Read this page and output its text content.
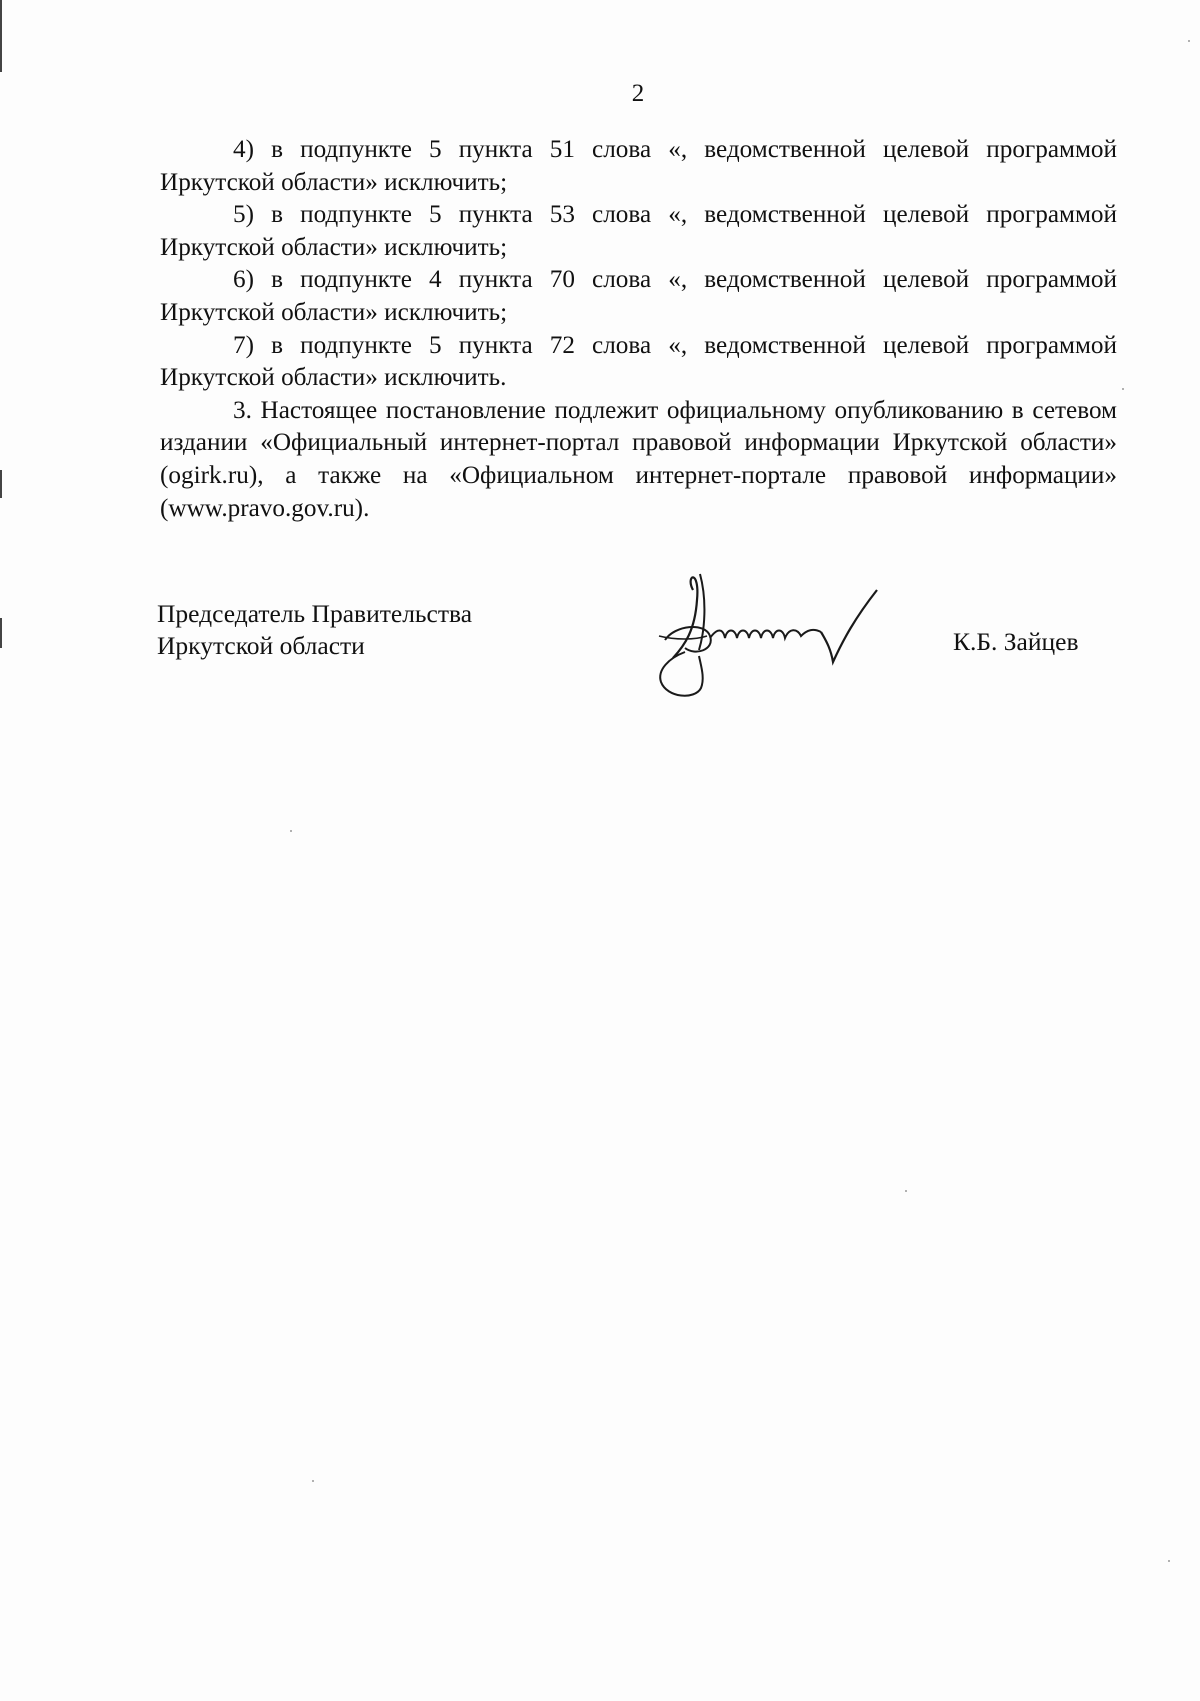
2

4) в подпункте 5 пункта 51 слова «, ведомственной целевой программой

Иркутской области» исключить;

5) в подпункте 5 пункта 53 слова «, ведомственной целевой программой

Иркутской области» исключить;

6) в подпункте 4 пункта 70 слова «, ведомственной целевой программой

Иркутской области» исключить;

7) в подпункте 5 пункта 72 слова «, ведомственной целевой программой

Иркутской области» исключить.

3. Настоящее постановление подлежит официальному опубликованию в сетевом издании «Официальный интернет-портал правовой информации Иркутской области» (ogirk.ru), а также на «Официальном интернет-портале правовой информации» (www.pravo.gov.ru).

Председатель Правительства
Иркутской области	К.Б. Зайцев
